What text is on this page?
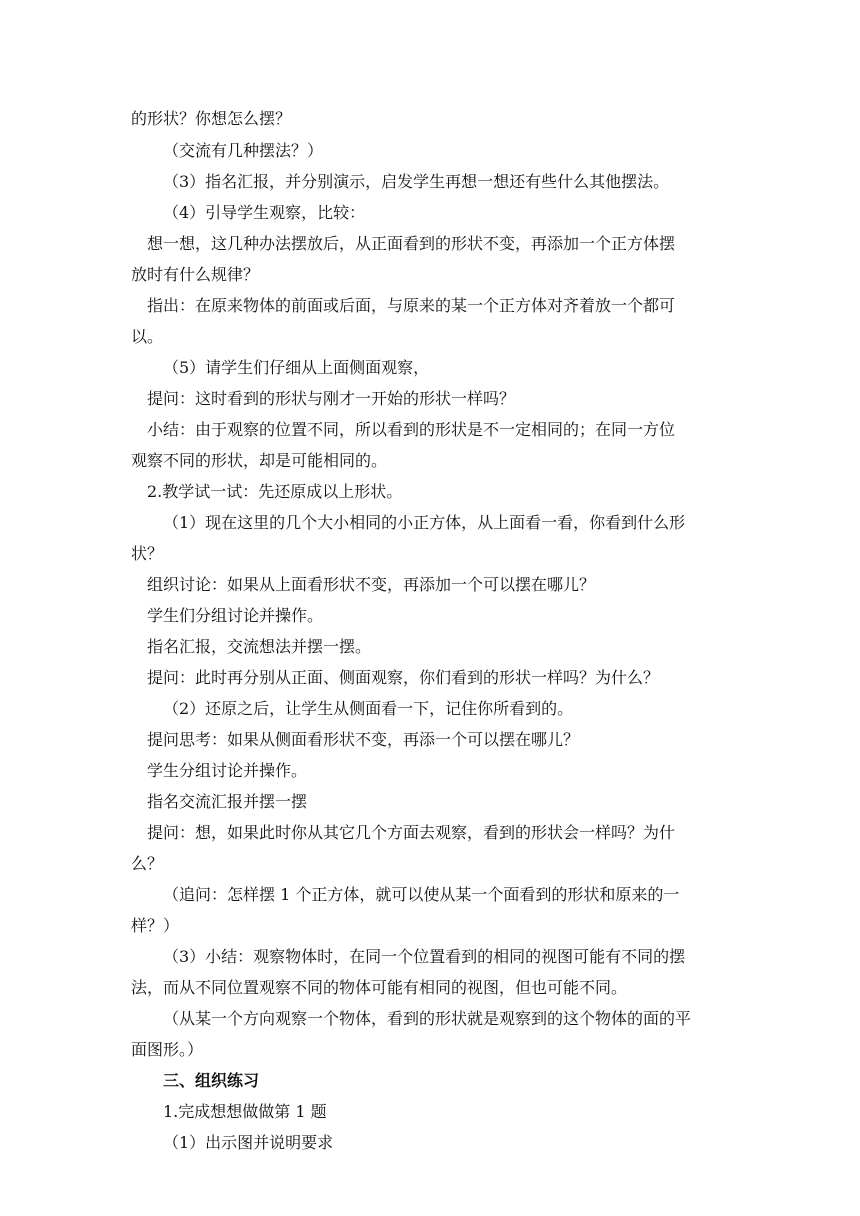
的形状？你想怎么摆？
（交流有几种摆法？）
（3）指名汇报，并分别演示，启发学生再想一想还有些什么其他摆法。
（4）引导学生观察，比较：
想一想，这几种办法摆放后，从正面看到的形状不变，再添加一个正方体摆
放时有什么规律？
指出：在原来物体的前面或后面，与原来的某一个正方体对齐着放一个都可
以。
（5）请学生们仔细从上面侧面观察，
提问：这时看到的形状与刚才一开始的形状一样吗？
小结：由于观察的位置不同，所以看到的形状是不一定相同的；在同一方位
观察不同的形状，却是可能相同的。
2.教学试一试：先还原成以上形状。
（1）现在这里的几个大小相同的小正方体，从上面看一看，你看到什么形
状？
组织讨论：如果从上面看形状不变，再添加一个可以摆在哪儿？
学生们分组讨论并操作。
指名汇报，交流想法并摆一摆。
提问：此时再分别从正面、侧面观察，你们看到的形状一样吗？为什么？
（2）还原之后，让学生从侧面看一下，记住你所看到的。
提问思考：如果从侧面看形状不变，再添一个可以摆在哪儿？
学生分组讨论并操作。
指名交流汇报并摆一摆
提问：想，如果此时你从其它几个方面去观察，看到的形状会一样吗？为什
么？
（追问：怎样摆 1 个正方体，就可以使从某一个面看到的形状和原来的一
样？）
（3）小结：观察物体时，在同一个位置看到的相同的视图可能有不同的摆
法，而从不同位置观察不同的物体可能有相同的视图，但也可能不同。
（从某一个方向观察一个物体，看到的形状就是观察到的这个物体的面的平
面图形。）
三、组织练习
1.完成想想做做第 1 题
（1）出示图并说明要求
